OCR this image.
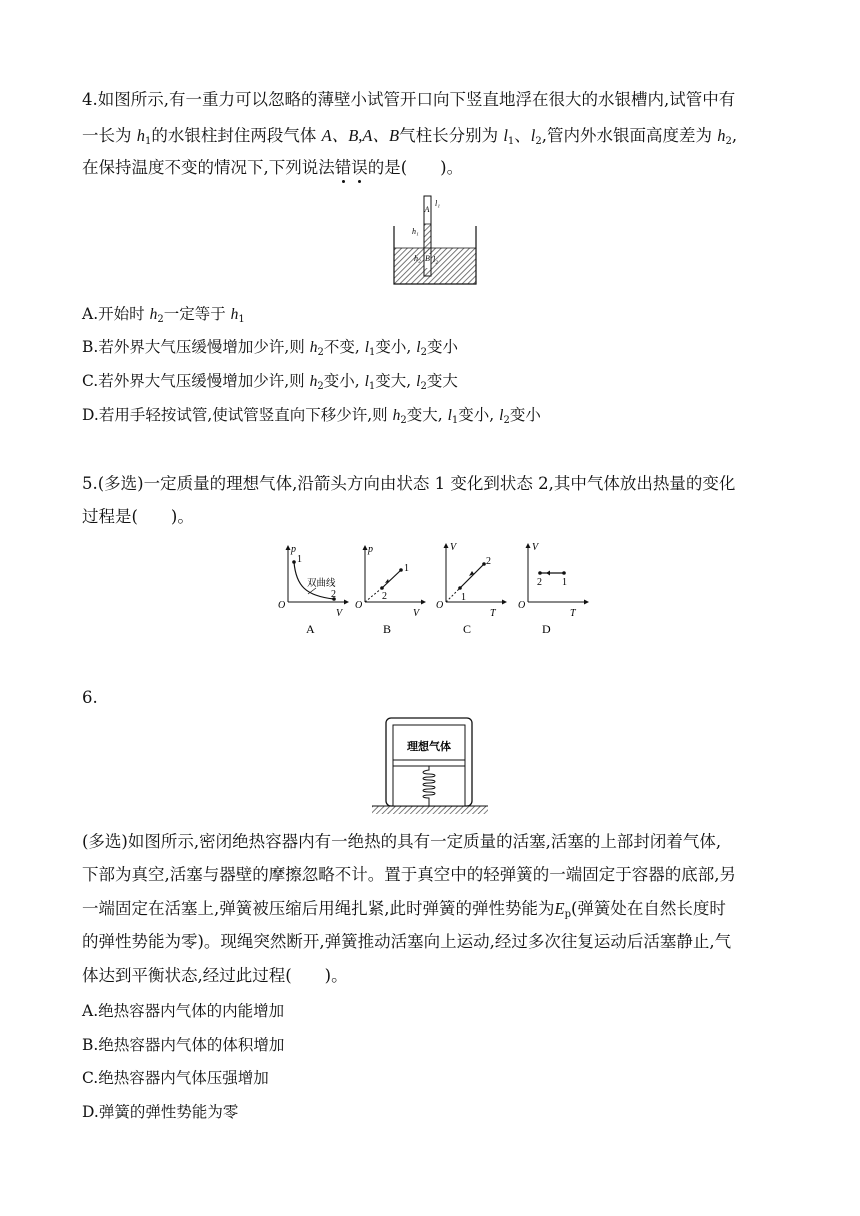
4.如图所示,有一重力可以忽略的薄壁小试管开口向下竖直地浮在很大的水银槽内,试管中有
一长为 $h_1$的水银柱封住两段气体 A、B,A、B气柱长分别为 $l_1$、$l_2$,管内外水银面高度差为 $h_2$,
在保持温度不变的情况下,下列说法错误的是(　　)。
A
l₁
h₁
B
h₂ l₂
A.开始时 $h_2$一定等于 $h_1$
B.若外界大气压缓慢增加少许,则 $h_2$不变, $l_1$变小, $l_2$变小
C.若外界大气压缓慢增加少许,则 $h_2$变小, $l_1$变大, $l_2$变大
D.若用手轻按试管,使试管竖直向下移少许,则 $h_2$变大, $l_1$变小, $l_2$变小
5.(多选)一定质量的理想气体,沿箭头方向由状态 1 变化到状态 2,其中气体放出热量的变化
过程是(　　)。
p
V
O
1
2
双曲线
A
p
V
O
1
2
B
V
T
O
1
2
C
V
T
O
2 1
D
6.
理想气体
(多选)如图所示,密闭绝热容器内有一绝热的具有一定质量的活塞,活塞的上部封闭着气体,
下部为真空,活塞与器壁的摩擦忽略不计。置于真空中的轻弹簧的一端固定于容器的底部,另
一端固定在活塞上,弹簧被压缩后用绳扎紧,此时弹簧的弹性势能为$E_p$(弹簧处在自然长度时
的弹性势能为零)。现绳突然断开,弹簧推动活塞向上运动,经过多次往复运动后活塞静止,气
体达到平衡状态,经过此过程(　　)。
A.绝热容器内气体的内能增加
B.绝热容器内气体的体积增加
C.绝热容器内气体压强增加
D.弹簧的弹性势能为零
